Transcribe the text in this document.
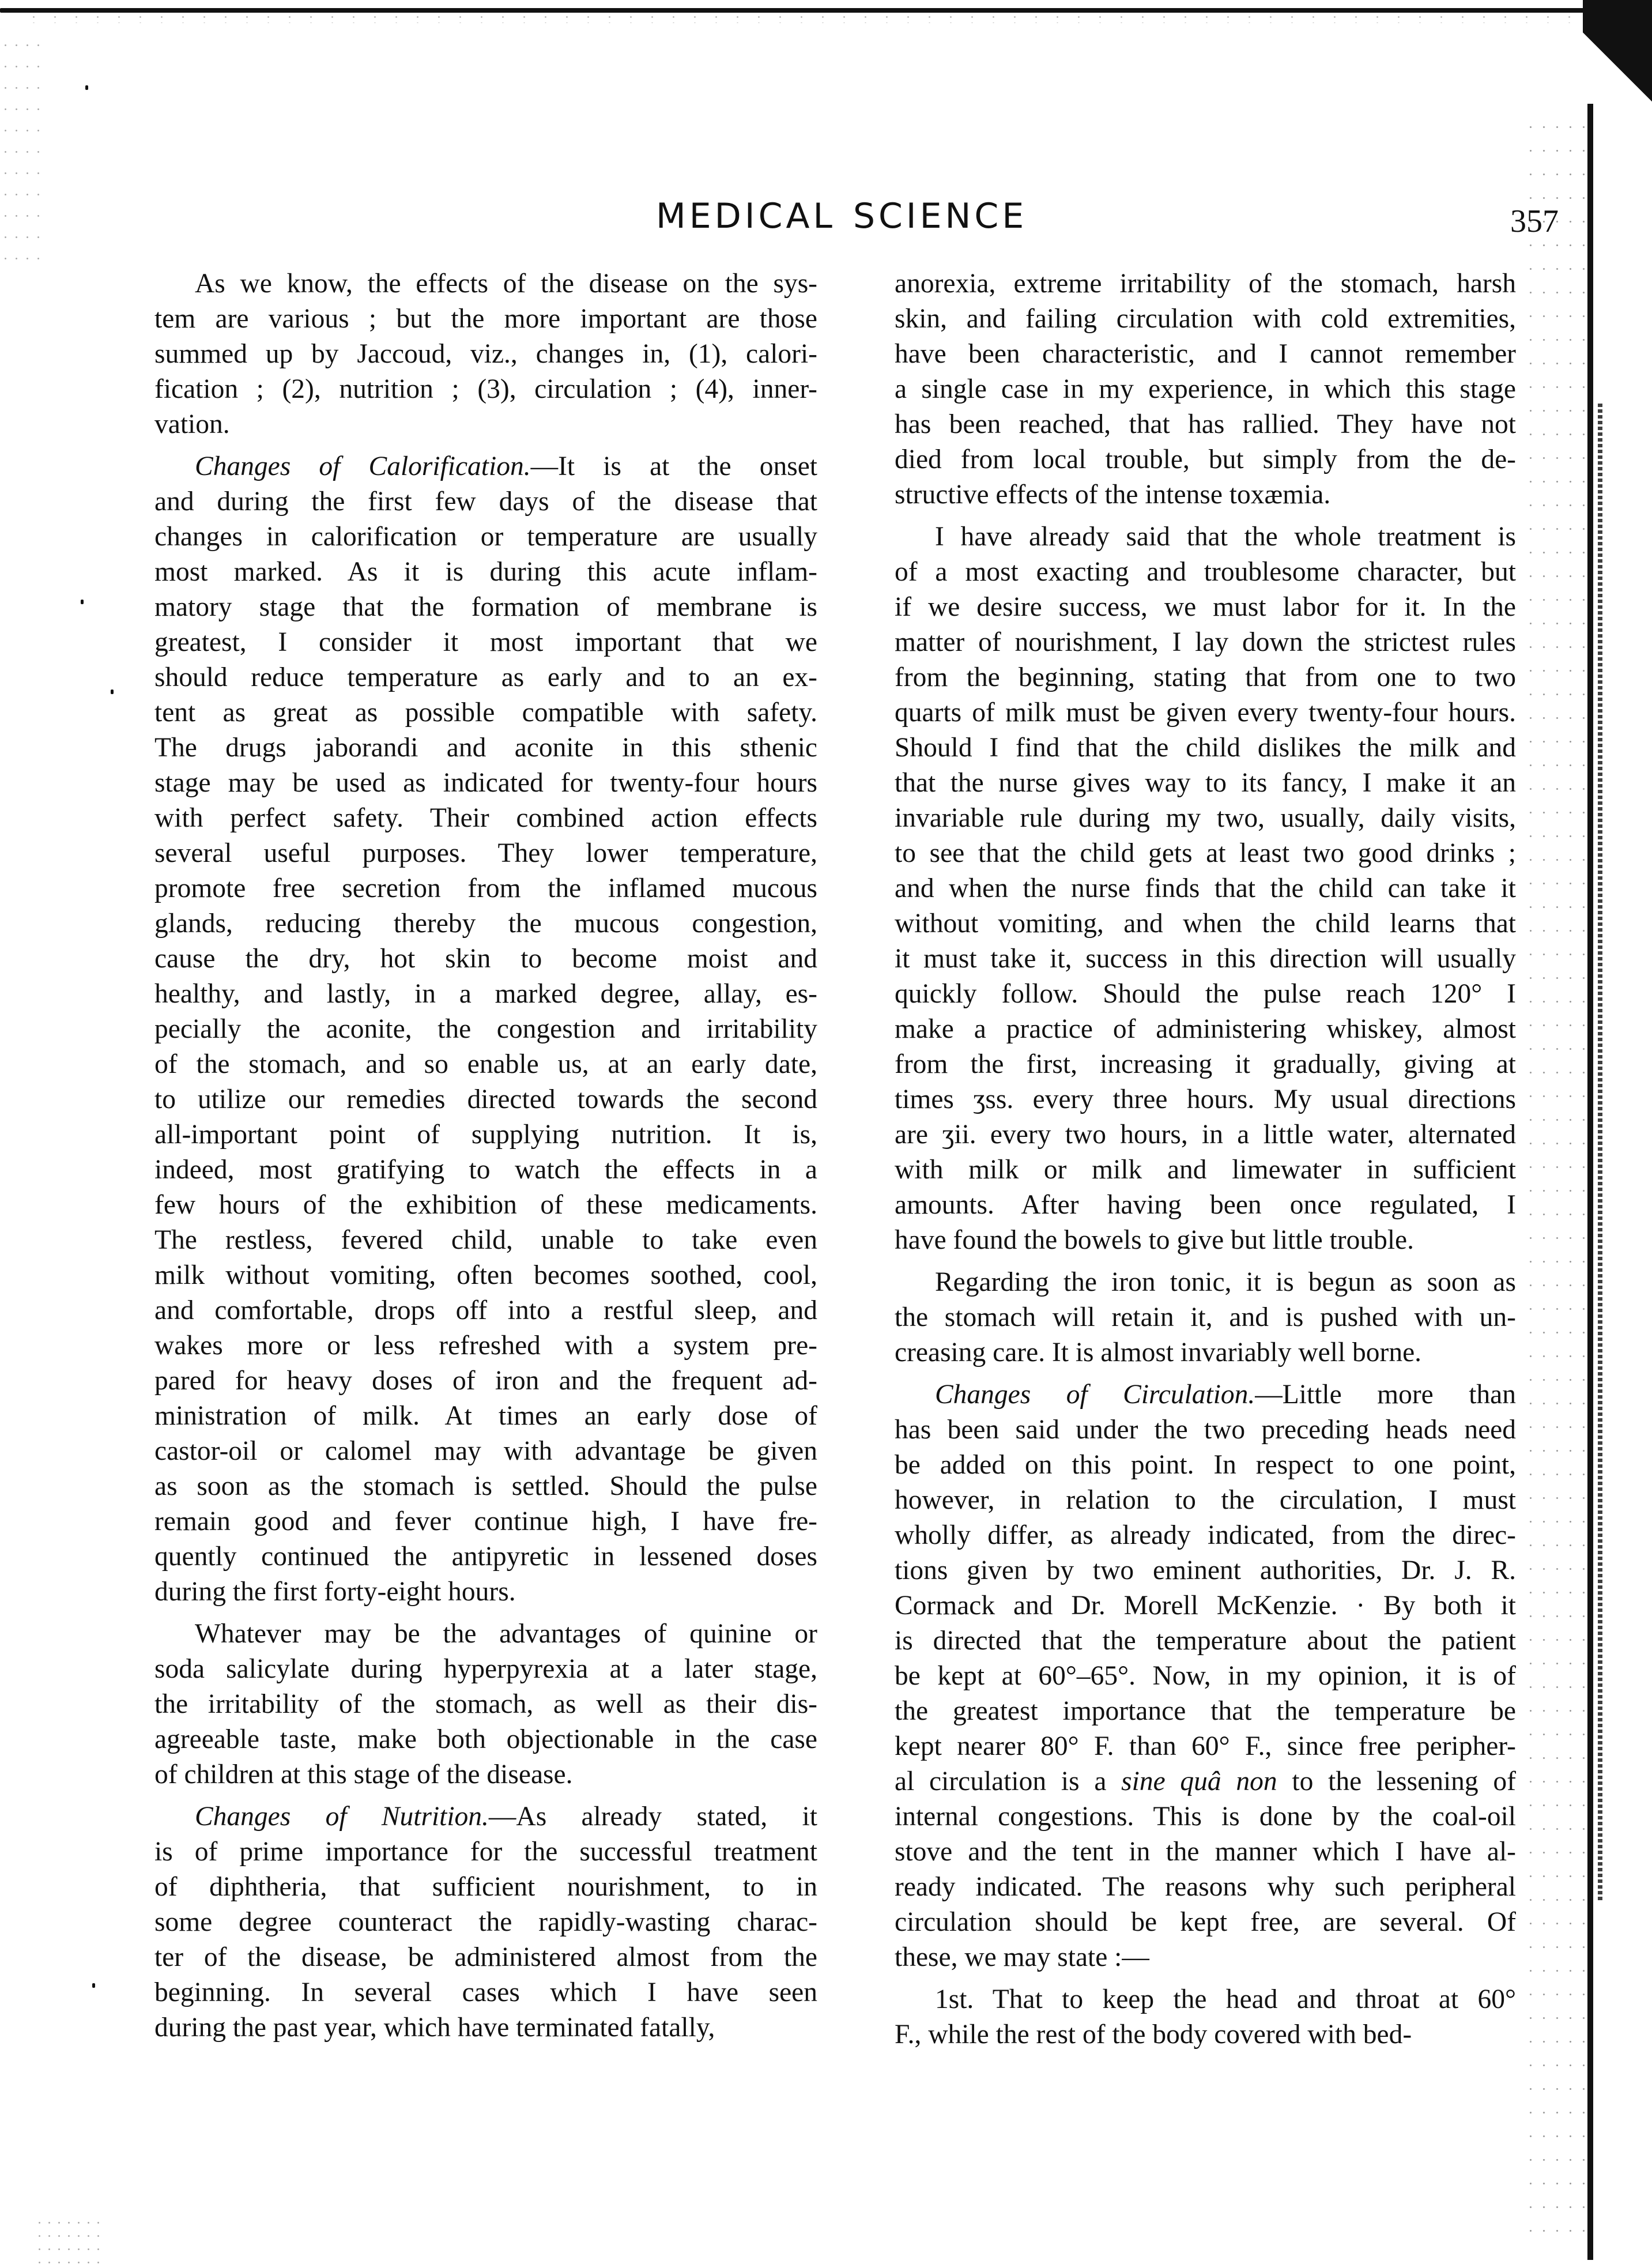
MEDICAL SCIENCE	357

As we know, the effects of the disease on the sys-
tem are various ; but the more important are those
summed up by Jaccoud, viz., changes in, (1), calori-
fication ; (2), nutrition ; (3), circulation ; (4), inner-
vation.

Changes of Calorification.—It is at the onset
and during the first few days of the disease that
changes in calorification or temperature are usually
most marked. As it is during this acute inflam-
matory stage that the formation of membrane is
greatest, I consider it most important that we
should reduce temperature as early and to an ex-
tent as great as possible compatible with safety.
The drugs jaborandi and aconite in this sthenic
stage may be used as indicated for twenty-four hours
with perfect safety. Their combined action effects
several useful purposes. They lower temperature,
promote free secretion from the inflamed mucous
glands, reducing thereby the mucous congestion,
cause the dry, hot skin to become moist and
healthy, and lastly, in a marked degree, allay, es-
pecially the aconite, the congestion and irritability
of the stomach, and so enable us, at an early date,
to utilize our remedies directed towards the second
all-important point of supplying nutrition. It is,
indeed, most gratifying to watch the effects in a
few hours of the exhibition of these medicaments.
The restless, fevered child, unable to take even
milk without vomiting, often becomes soothed, cool,
and comfortable, drops off into a restful sleep, and
wakes more or less refreshed with a system pre-
pared for heavy doses of iron and the frequent ad-
ministration of milk. At times an early dose of
castor-oil or calomel may with advantage be given
as soon as the stomach is settled. Should the pulse
remain good and fever continue high, I have fre-
quently continued the antipyretic in lessened doses
during the first forty-eight hours.

Whatever may be the advantages of quinine or
soda salicylate during hyperpyrexia at a later stage,
the irritability of the stomach, as well as their dis-
agreeable taste, make both objectionable in the case
of children at this stage of the disease.

Changes of Nutrition.—As already stated, it
is of prime importance for the successful treatment
of diphtheria, that sufficient nourishment, to in
some degree counteract the rapidly-wasting charac-
ter of the disease, be administered almost from the
beginning. In several cases which I have seen
during the past year, which have terminated fatally,

anorexia, extreme irritability of the stomach, harsh
skin, and failing circulation with cold extremities,
have been characteristic, and I cannot remember
a single case in my experience, in which this stage
has been reached, that has rallied. They have not
died from local trouble, but simply from the de-
structive effects of the intense toxæmia.

I have already said that the whole treatment is
of a most exacting and troublesome character, but
if we desire success, we must labor for it. In the
matter of nourishment, I lay down the strictest rules
from the beginning, stating that from one to two
quarts of milk must be given every twenty-four hours.
Should I find that the child dislikes the milk and
that the nurse gives way to its fancy, I make it an
invariable rule during my two, usually, daily visits,
to see that the child gets at least two good drinks ;
and when the nurse finds that the child can take it
without vomiting, and when the child learns that
it must take it, success in this direction will usually
quickly follow. Should the pulse reach 120° I
make a practice of administering whiskey, almost
from the first, increasing it gradually, giving at
times ʒss. every three hours. My usual directions
are ʒii. every two hours, in a little water, alternated
with milk or milk and limewater in sufficient
amounts. After having been once regulated, I
have found the bowels to give but little trouble.

Regarding the iron tonic, it is begun as soon as
the stomach will retain it, and is pushed with un-
creasing care. It is almost invariably well borne.

Changes of Circulation.—Little more than
has been said under the two preceding heads need
be added on this point. In respect to one point,
however, in relation to the circulation, I must
wholly differ, as already indicated, from the direc-
tions given by two eminent authorities, Dr. J. R.
Cormack and Dr. Morell McKenzie. · By both it
is directed that the temperature about the patient
be kept at 60°–65°. Now, in my opinion, it is of
the greatest importance that the temperature be
kept nearer 80° F. than 60° F., since free peripher-
al circulation is a sine quâ non to the lessening of
internal congestions. This is done by the coal-oil
stove and the tent in the manner which I have al-
ready indicated. The reasons why such peripheral
circulation should be kept free, are several. Of
these, we may state :—

1st. That to keep the head and throat at 60°
F., while the rest of the body covered with bed-
